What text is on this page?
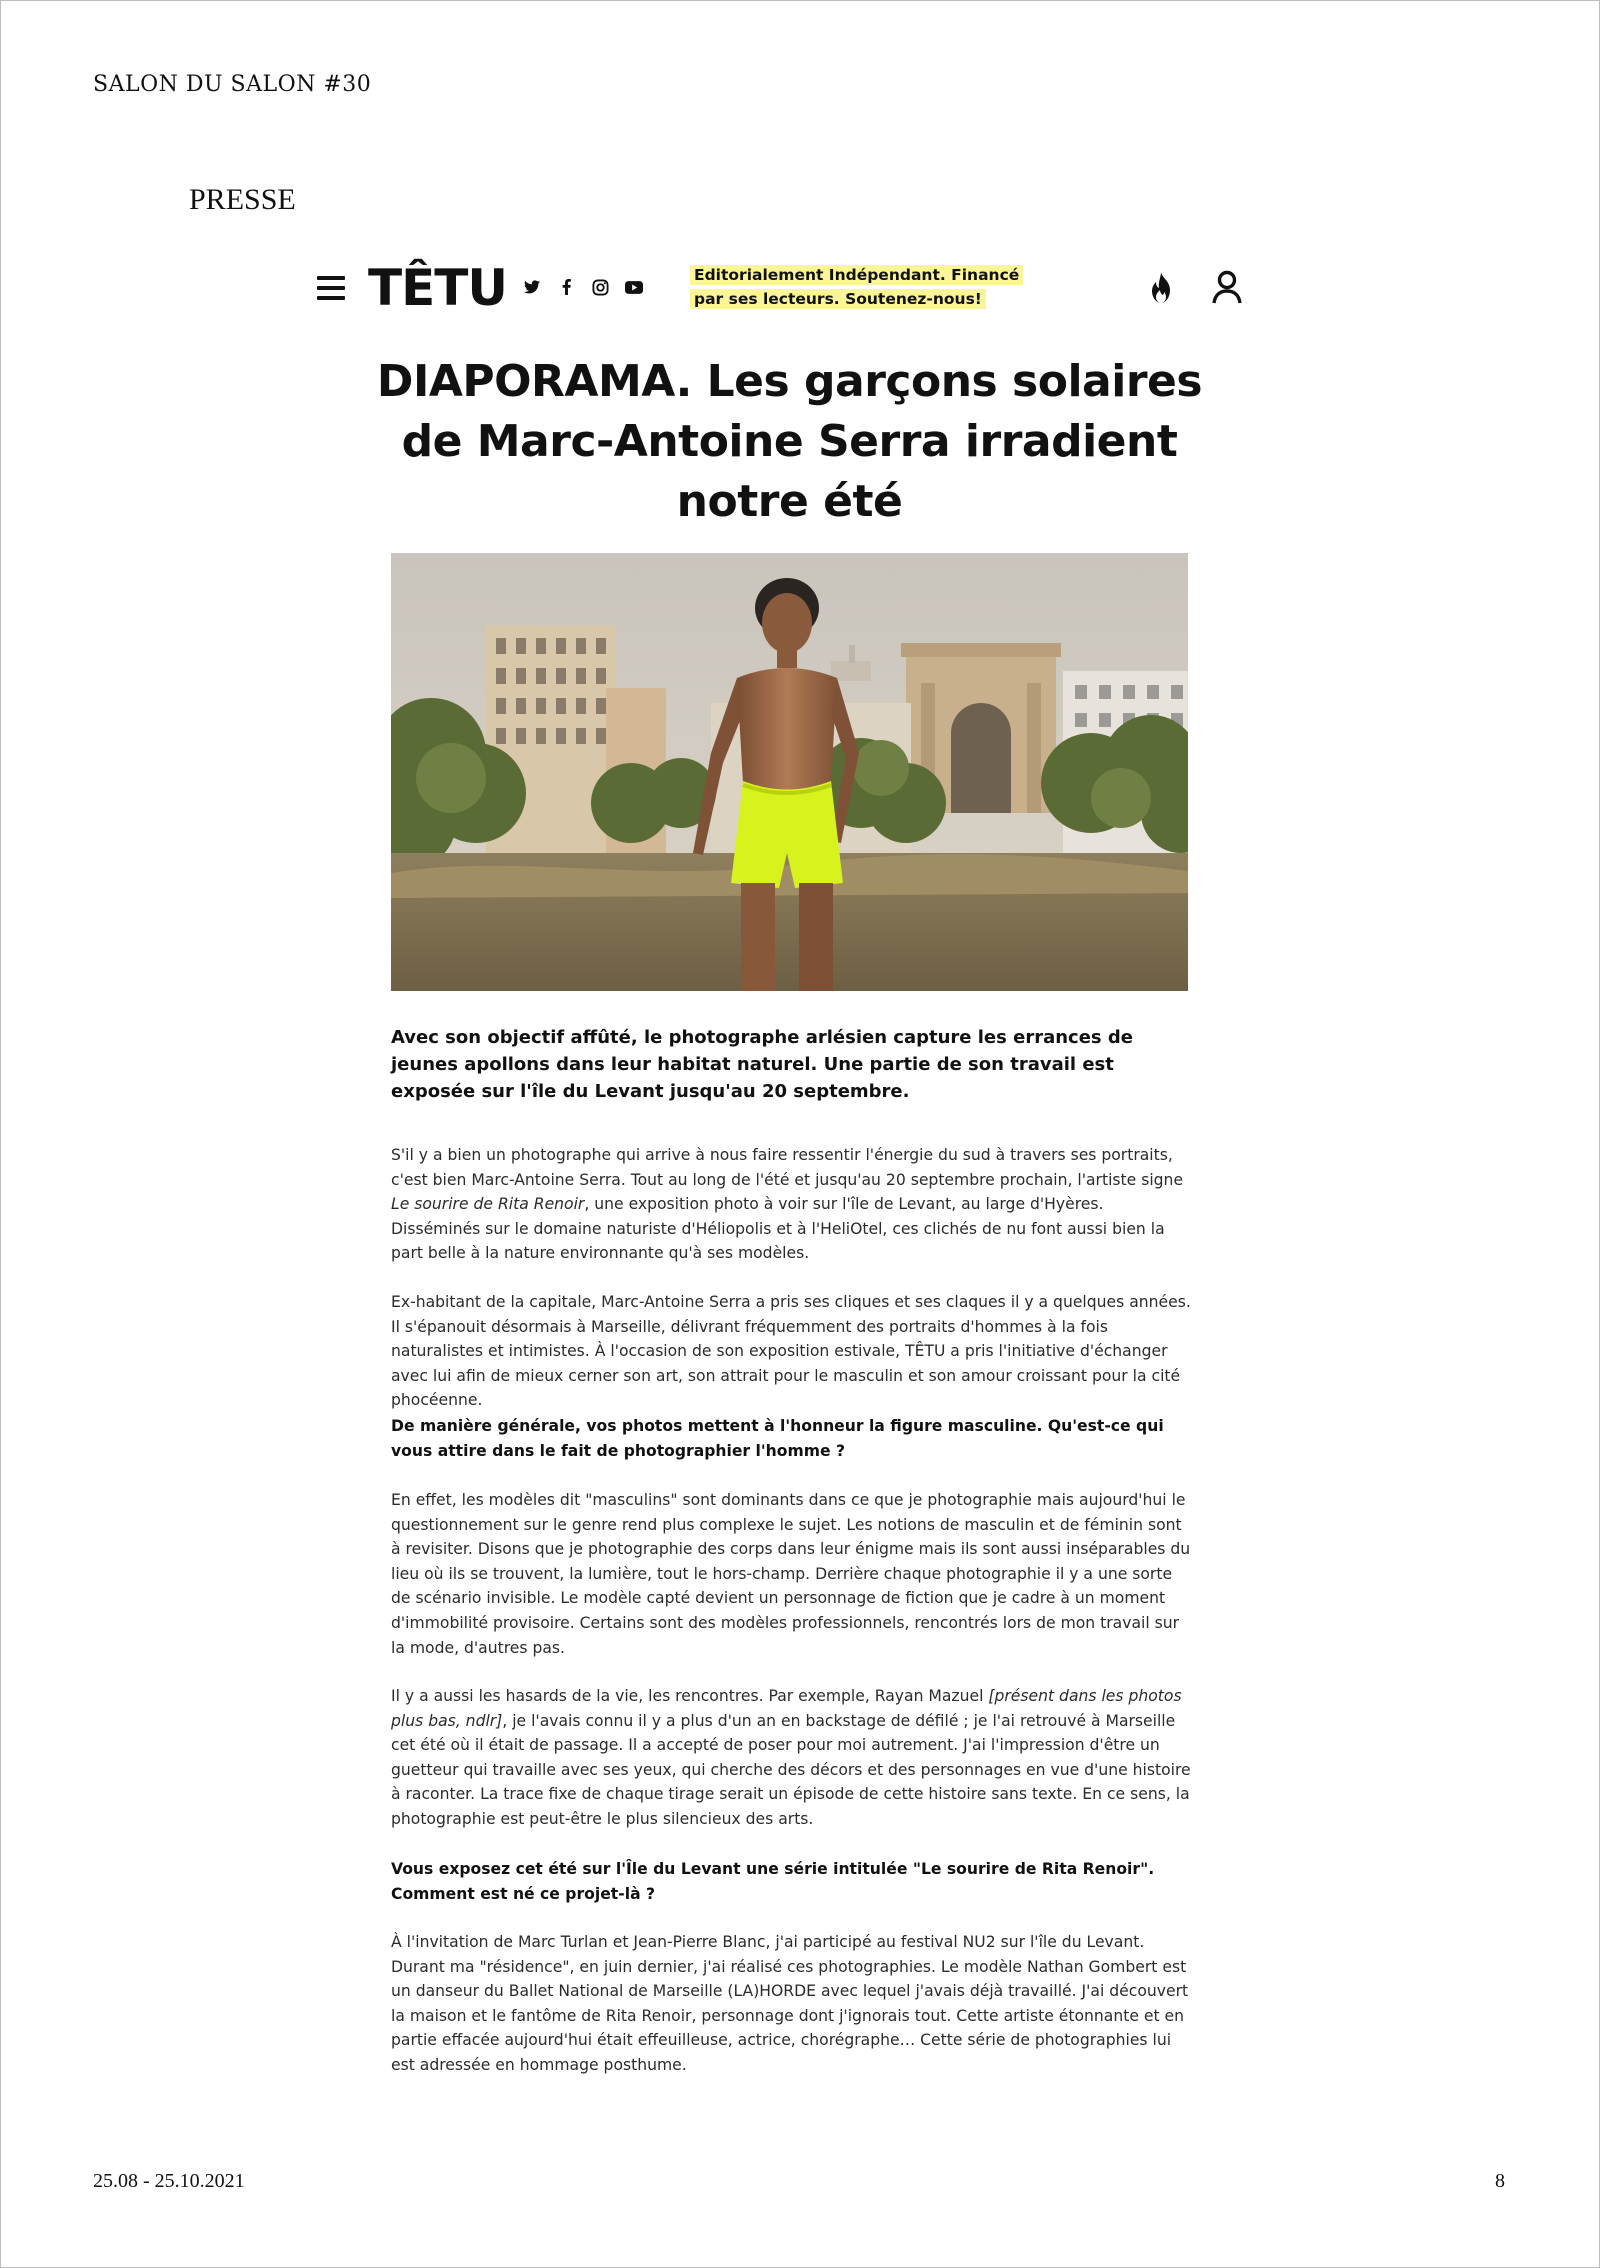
SALON DU SALON #30
PRESSE
TÊTU	Editorialement Indépendant. Financé par ses lecteurs. Soutenez-nous!
DIAPORAMA. Les garçons solaires de Marc-Antoine Serra irradient notre été

Avec son objectif affûté, le photographe arlésien capture les errances de jeunes apollons dans leur habitat naturel. Une partie de son travail est exposée sur l'île du Levant jusqu'au 20 septembre.

S'il y a bien un photographe qui arrive à nous faire ressentir l'énergie du sud à travers ses portraits, c'est bien Marc-Antoine Serra. Tout au long de l'été et jusqu'au 20 septembre prochain, l'artiste signe Le sourire de Rita Renoir, une exposition photo à voir sur l'île de Levant, au large d'Hyères. Disséminés sur le domaine naturiste d'Héliopolis et à l'HeliOtel, ces clichés de nu font aussi bien la part belle à la nature environnante qu'à ses modèles.

Ex-habitant de la capitale, Marc-Antoine Serra a pris ses cliques et ses claques il y a quelques années. Il s'épanouit désormais à Marseille, délivrant fréquemment des portraits d'hommes à la fois naturalistes et intimistes. À l'occasion de son exposition estivale, TÊTU a pris l'initiative d'échanger avec lui afin de mieux cerner son art, son attrait pour le masculin et son amour croissant pour la cité phocéenne.

De manière générale, vos photos mettent à l'honneur la figure masculine. Qu'est-ce qui vous attire dans le fait de photographier l'homme ?

En effet, les modèles dit "masculins" sont dominants dans ce que je photographie mais aujourd'hui le questionnement sur le genre rend plus complexe le sujet. Les notions de masculin et de féminin sont à revisiter. Disons que je photographie des corps dans leur énigme mais ils sont aussi inséparables du lieu où ils se trouvent, la lumière, tout le hors-champ. Derrière chaque photographie il y a une sorte de scénario invisible. Le modèle capté devient un personnage de fiction que je cadre à un moment d'immobilité provisoire. Certains sont des modèles professionnels, rencontrés lors de mon travail sur la mode, d'autres pas.

Il y a aussi les hasards de la vie, les rencontres. Par exemple, Rayan Mazuel [présent dans les photos plus bas, ndlr], je l'avais connu il y a plus d'un an en backstage de défilé ; je l'ai retrouvé à Marseille cet été où il était de passage. Il a accepté de poser pour moi autrement. J'ai l'impression d'être un guetteur qui travaille avec ses yeux, qui cherche des décors et des personnages en vue d'une histoire à raconter. La trace fixe de chaque tirage serait un épisode de cette histoire sans texte. En ce sens, la photographie est peut-être le plus silencieux des arts.

Vous exposez cet été sur l'Île du Levant une série intitulée "Le sourire de Rita Renoir". Comment est né ce projet-là ?

À l'invitation de Marc Turlan et Jean-Pierre Blanc, j'ai participé au festival NU2 sur l'île du Levant. Durant ma "résidence", en juin dernier, j'ai réalisé ces photographies. Le modèle Nathan Gombert est un danseur du Ballet National de Marseille (LA)HORDE avec lequel j'avais déjà travaillé. J'ai découvert la maison et le fantôme de Rita Renoir, personnage dont j'ignorais tout. Cette artiste étonnante et en partie effacée aujourd'hui était effeuilleuse, actrice, chorégraphe… Cette série de photographies lui est adressée en hommage posthume.

25.08 - 25.10.2021	8
